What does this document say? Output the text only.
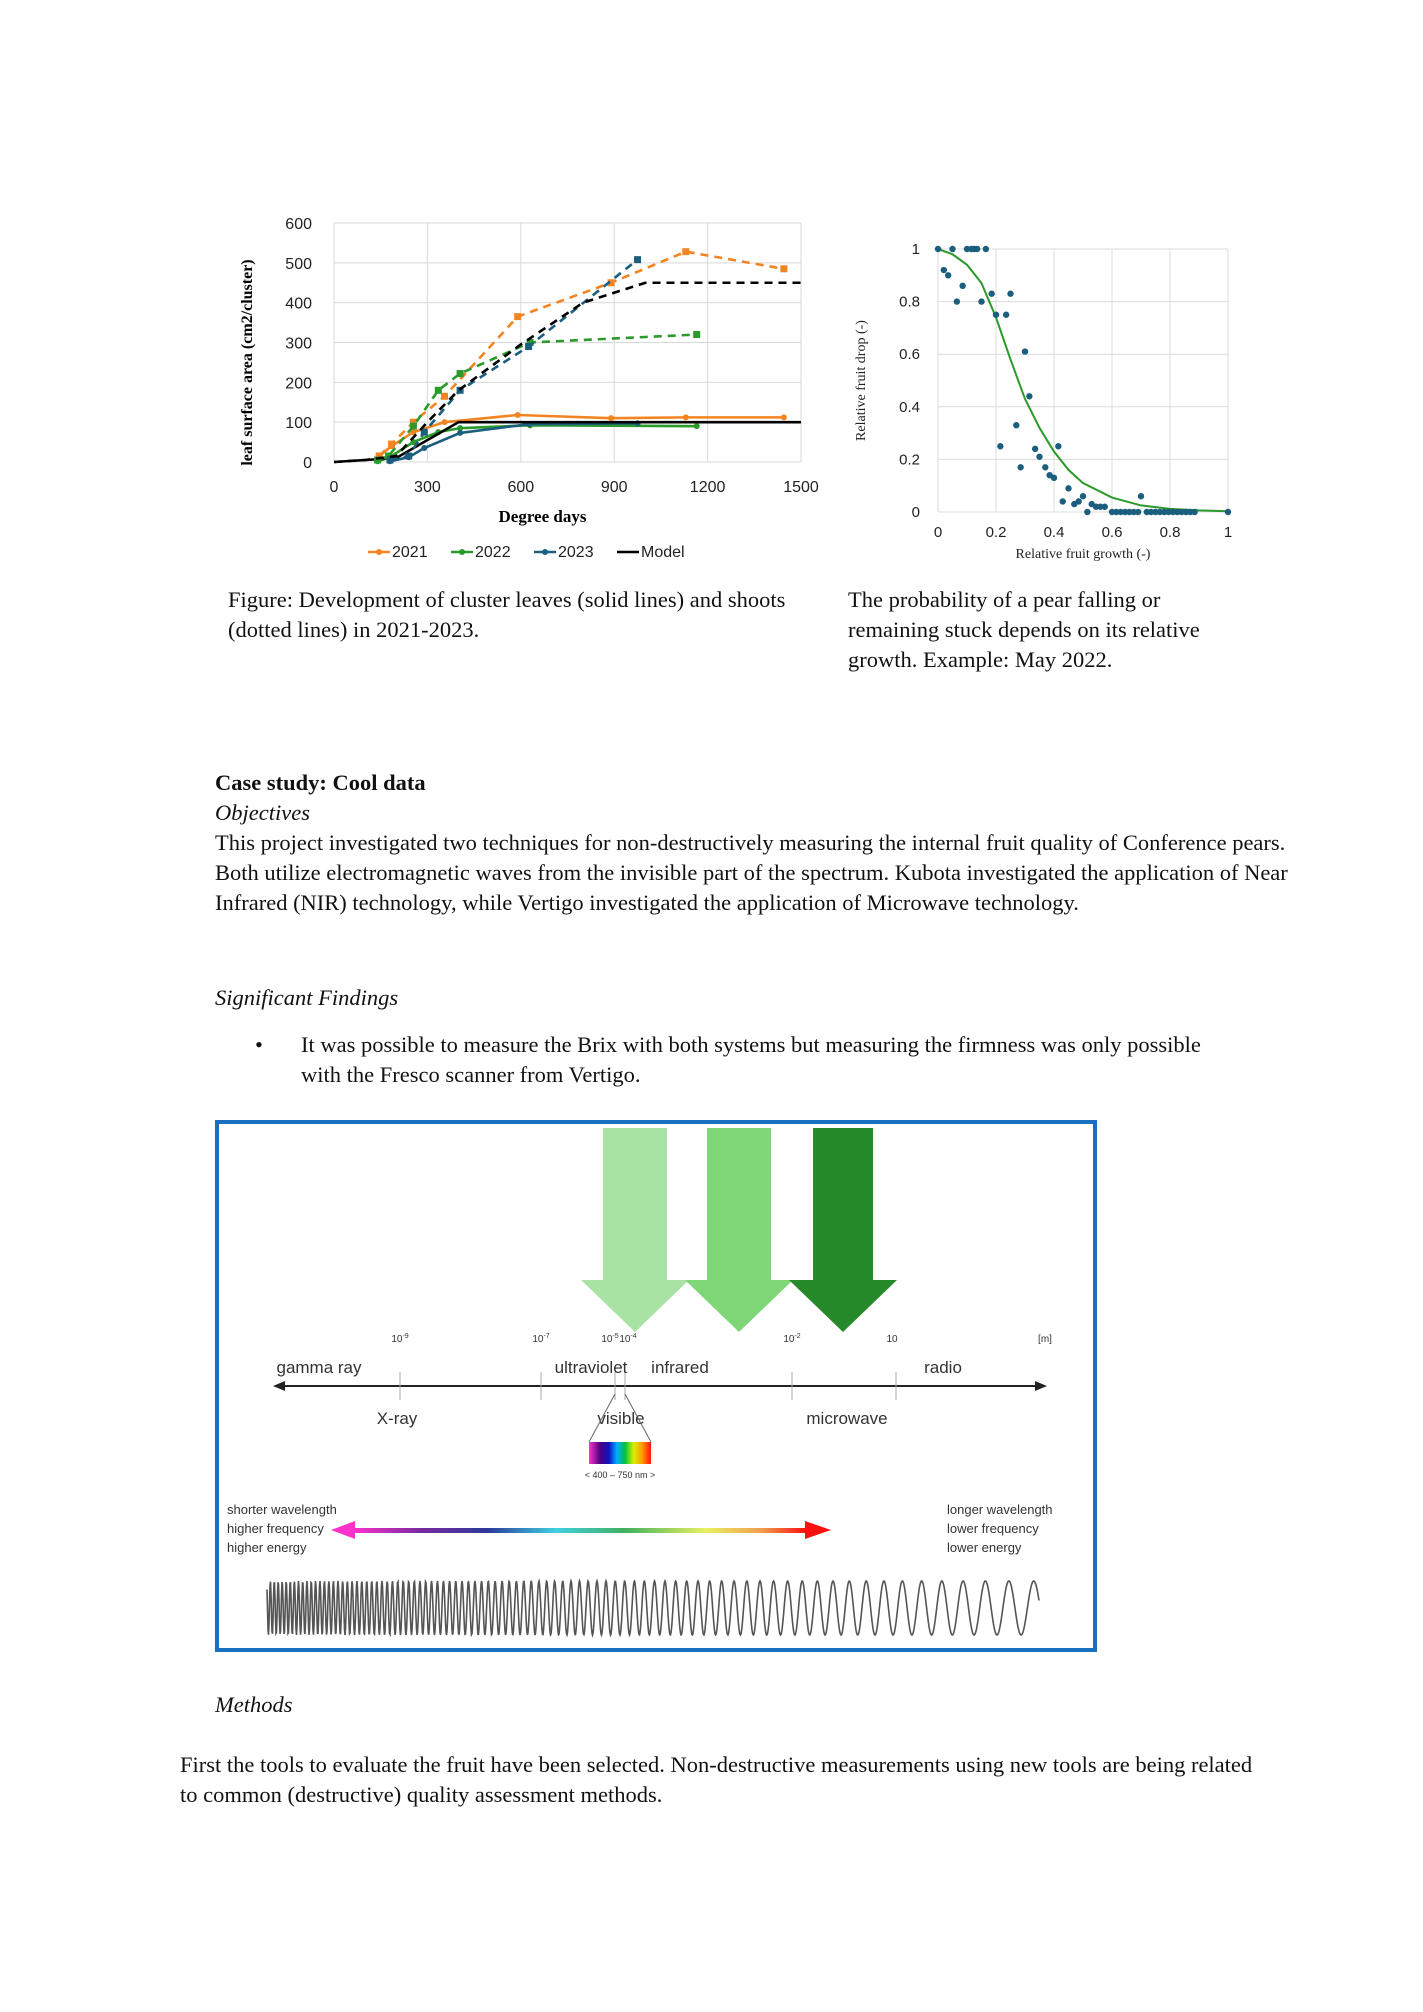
0
100
200
300
400
500
600
0	300	600	900	1200	1500
Degree days
leaf surface area (cm2/cluster)
2021	2022	2023	Model
0
0.2
0.4
0.6
0.8
1
0	0.2 0.4 0.6 0.8	1
Relative fruit growth (-)
Relative fruit drop (-)
Figure: Development of cluster leaves (solid lines) and shoots (dotted lines) in 2021-2023.
The probability of a pear falling or remaining stuck depends on its relative growth. Example: May 2022.
Case study: Cool data
Objectives
This project investigated two techniques for non-destructively measuring the internal fruit quality of Conference pears. Both utilize electromagnetic waves from the invisible part of the spectrum. Kubota investigated the application of Near Infrared (NIR) technology, while Vertigo investigated the application of Microwave technology.
Significant Findings
•	It was possible to measure the Brix with both systems but measuring the firmness was only possible with the Fresco scanner from Vertigo.
$10^{-9}$	$10^{-7}$	$10^{-5}$ $10^{-4}$	$10^{-2}$	10	[m]
gamma ray	ultraviolet infrared	radio
X-ray	visible	microwave
< 400 – 750 nm >
shorter wavelength
higher frequency
higher energy
longer wavelength
lower frequency
lower energy
Methods
First the tools to evaluate the fruit have been selected. Non-destructive measurements using new tools are being related to common (destructive) quality assessment methods.
